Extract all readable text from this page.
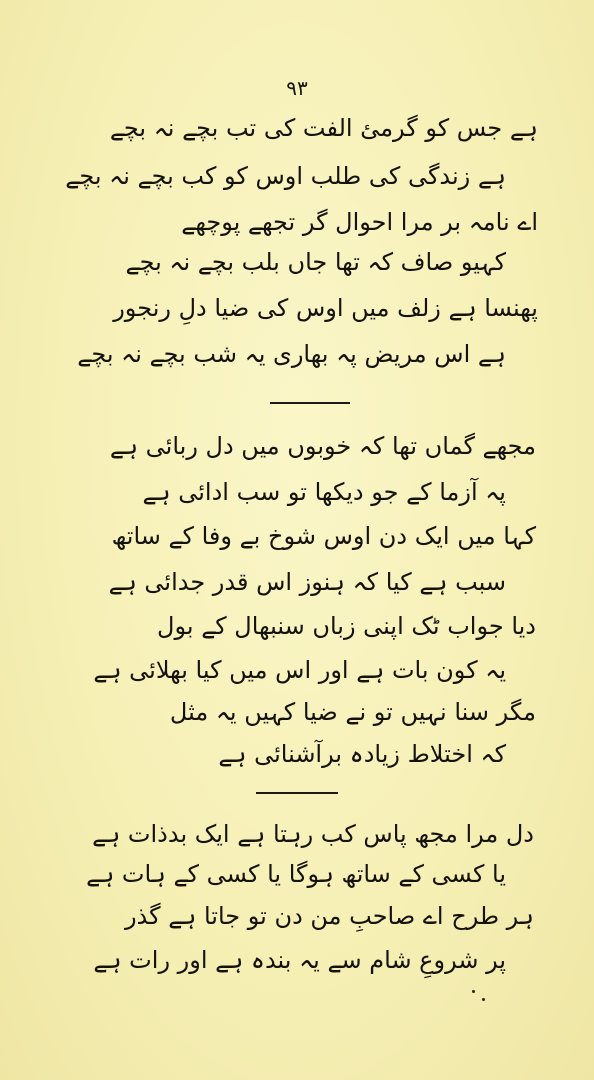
۹۳
ہے جس کو گرمئ الفت کی تب بچے نہ بچے
ہے زندگی کی طلب اوس کو کب بچے نہ بچے
اے نامہ بر مرا احوال گر تجھے پوچھے
کہیو صاف کہ تھا جاں بلب بچے نہ بچے
پھنسا ہے زلف میں اوس کی ضیا دلِ رنجور
ہے اس مریض پہ بھاری یہ شب بچے نہ بچے
مجھے گماں تھا کہ خوبوں میں دل ربائی ہے
پہ آزما کے جو دیکھا تو سب ادائی ہے
کہا میں ایک دن اوس شوخ بے وفا کے ساتھ
سبب ہے کیا کہ ہنوز اس قدر جدائی ہے
دیا جواب ٹک اپنی زباں سنبھال کے بول
یہ کون بات ہے اور اس میں کیا بھلائی ہے
مگر سنا نہیں تو نے ضیا کہیں یہ مثل
کہ اختلاط زیادہ برآشنائی ہے
دل مرا مجھ پاس کب رہتا ہے ایک بدذات ہے
یا کسی کے ساتھ ہوگا یا کسی کے ہات ہے
ہر طرح اے صاحبِ من دن تو جاتا ہے گذر
پر شروعِ شام سے یہ بندہ ہے اور رات ہے
